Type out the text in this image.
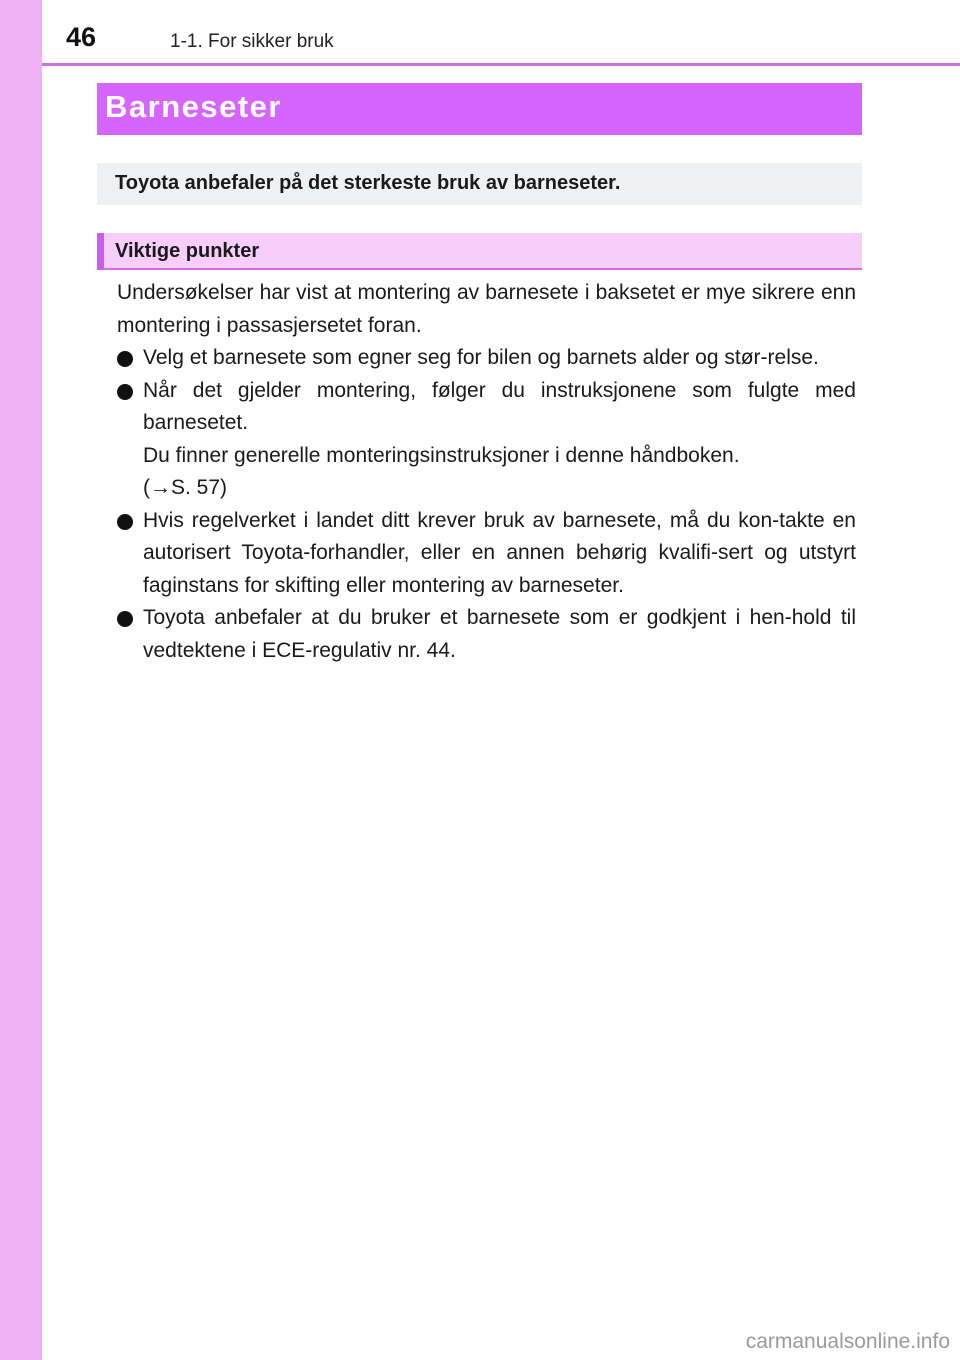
46	1-1. For sikker bruk
Barneseter
Toyota anbefaler på det sterkeste bruk av barneseter.
Viktige punkter

Undersøkelser har vist at montering av barnesete i baksetet er mye sikrere enn montering i passasjersetet foran.

Velg et barnesete som egner seg for bilen og barnets alder og stør-relse.

Når det gjelder montering, følger du instruksjonene som fulgte med barnesetet.

Du finner generelle monteringsinstruksjoner i denne håndboken.

(→S. 57)

Hvis regelverket i landet ditt krever bruk av barnesete, må du kon-takte en autorisert Toyota-forhandler, eller en annen behørig kvalifi-sert og utstyrt faginstans for skifting eller montering av barneseter.

Toyota anbefaler at du bruker et barnesete som er godkjent i hen-hold til vedtektene i ECE-regulativ nr. 44.

carmanualsonline.info
